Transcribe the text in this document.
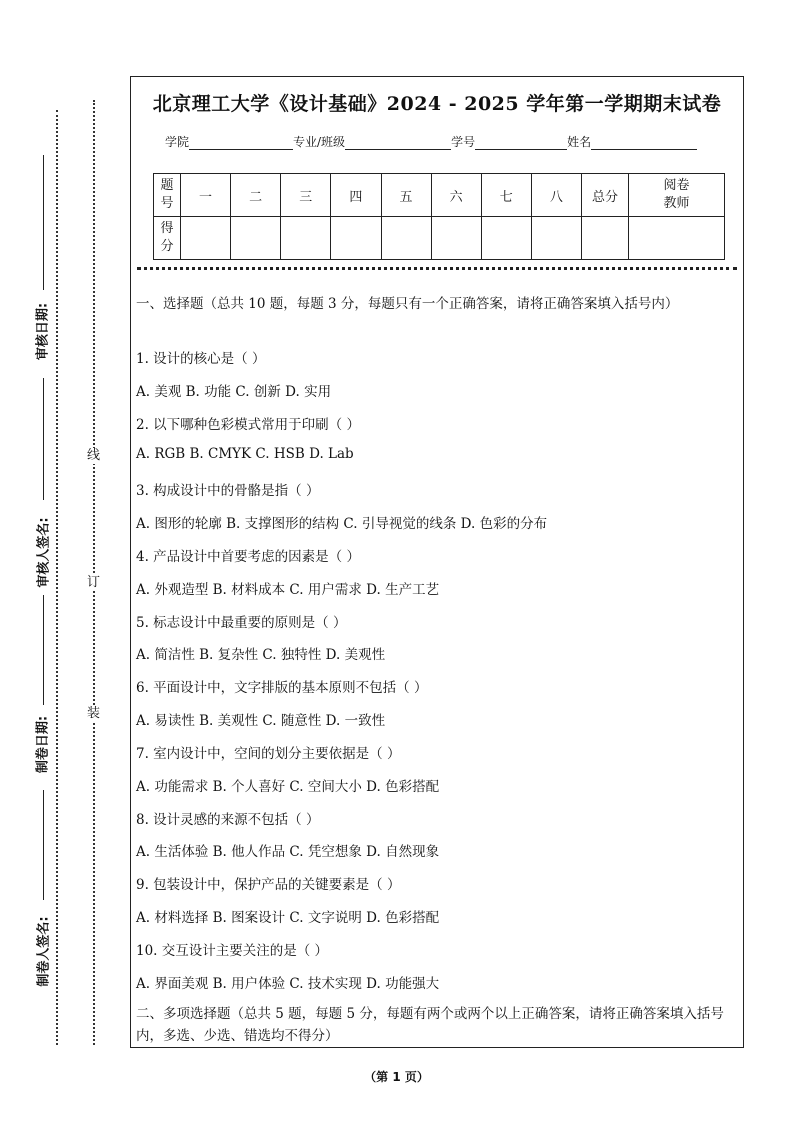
审核日期:
审核人签名:
制卷日期:
制卷人签名:
线
订
装
北京理工大学《设计基础》2024 - 2025 学年第一学期期末试卷
学院	专业/班级	学号	姓名
题
号	一	二	三	四	五	六	七	八	总分	阅卷
教师
得
分										

一、选择题（总共 10 题，每题 3 分，每题只有一个正确答案，请将正确答案填入括号内）

1. 设计的核心是（ ）

A. 美观 B. 功能 C. 创新 D. 实用

2. 以下哪种色彩模式常用于印刷（ ）

A. RGB B. CMYK C. HSB D. Lab

3. 构成设计中的骨骼是指（ ）

A. 图形的轮廓 B. 支撑图形的结构 C. 引导视觉的线条 D. 色彩的分布

4. 产品设计中首要考虑的因素是（ ）

A. 外观造型 B. 材料成本 C. 用户需求 D. 生产工艺

5. 标志设计中最重要的原则是（ ）

A. 简洁性 B. 复杂性 C. 独特性 D. 美观性

6. 平面设计中，文字排版的基本原则不包括（ ）

A. 易读性 B. 美观性 C. 随意性 D. 一致性

7. 室内设计中，空间的划分主要依据是（ ）

A. 功能需求 B. 个人喜好 C. 空间大小 D. 色彩搭配

8. 设计灵感的来源不包括（ ）

A. 生活体验 B. 他人作品 C. 凭空想象 D. 自然现象

9. 包装设计中，保护产品的关键要素是（ ）

A. 材料选择 B. 图案设计 C. 文字说明 D. 色彩搭配

10. 交互设计主要关注的是（ ）

A. 界面美观 B. 用户体验 C. 技术实现 D. 功能强大

二、多项选择题（总共 5 题，每题 5 分，每题有两个或两个以上正确答案，请将正确答案填入括号内，多选、少选、错选均不得分）

（第 1 页）
